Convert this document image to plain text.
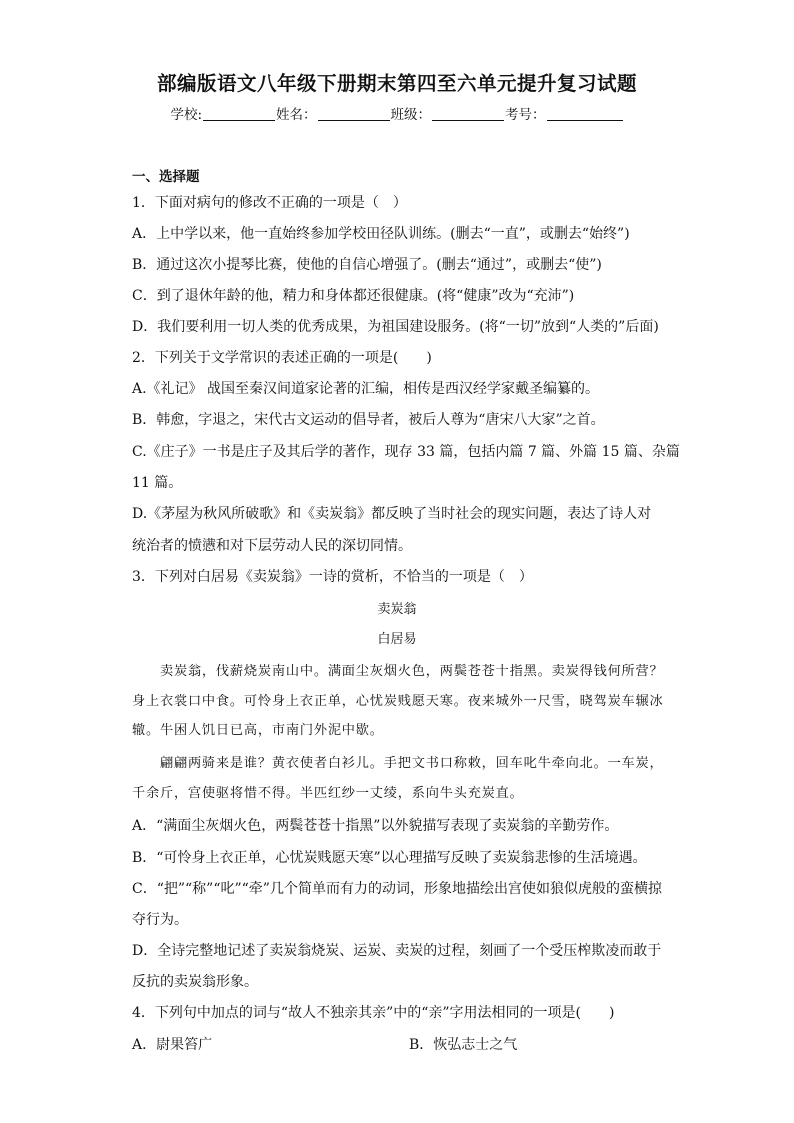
部编版语文八年级下册期末第四至六单元提升复习试题
学校:	姓名：	班级：	考号：
一、选择题
1．下面对病句的修改不正确的一项是（　）
A．上中学以来，他一直始终参加学校田径队训练。(删去“一直”，或删去“始终”)
B．通过这次小提琴比赛，使他的自信心增强了。(删去“通过”，或删去“使”)
C．到了退休年龄的他，精力和身体都还很健康。(将“健康”改为“充沛”)
D．我们要利用一切人类的优秀成果，为祖国建设服务。(将“一切”放到“人类的”后面)
2．下列关于文学常识的表述正确的一项是(　　)
A.《礼记》 战国至秦汉间道家论著的汇编，相传是西汉经学家戴圣编纂的。
B．韩愈，字退之，宋代古文运动的倡导者，被后人尊为“唐宋八大家”之首。
C.《庄子》一书是庄子及其后学的著作，现存 33 篇，包括内篇 7 篇、外篇 15 篇、杂篇
11 篇。
D.《茅屋为秋风所破歌》和《卖炭翁》都反映了当时社会的现实问题，表达了诗人对
统治者的愤懑和对下层劳动人民的深切同情。
3．下列对白居易《卖炭翁》一诗的赏析，不恰当的一项是（　）
卖炭翁
白居易
　　卖炭翁，伐薪烧炭南山中。满面尘灰烟火色，两鬓苍苍十指黑。卖炭得钱何所营？
身上衣裳口中食。可怜身上衣正单，心忧炭贱愿天寒。夜来城外一尺雪，晓驾炭车辗冰
辙。牛困人饥日已高，市南门外泥中歇。
　　翩翩两骑来是谁？黄衣使者白衫儿。手把文书口称敕，回车叱牛牵向北。一车炭，
千余斤，宫使驱将惜不得。半匹红纱一丈绫，系向牛头充炭直。
A．“满面尘灰烟火色，两鬓苍苍十指黑”以外貌描写表现了卖炭翁的辛勤劳作。
B．“可怜身上衣正单，心忧炭贱愿天寒”以心理描写反映了卖炭翁悲惨的生活境遇。
C．“把”“称”“叱”“牵”几个简单而有力的动词，形象地描绘出宫使如狼似虎般的蛮横掠
夺行为。
D．全诗完整地记述了卖炭翁烧炭、运炭、卖炭的过程，刻画了一个受压榨欺凌而敢于
反抗的卖炭翁形象。
4．下列句中加点的词与“故人不独亲其亲”中的“亲”字用法相同的一项是(　　)
A．尉果笞广	B．恢弘志士之气
